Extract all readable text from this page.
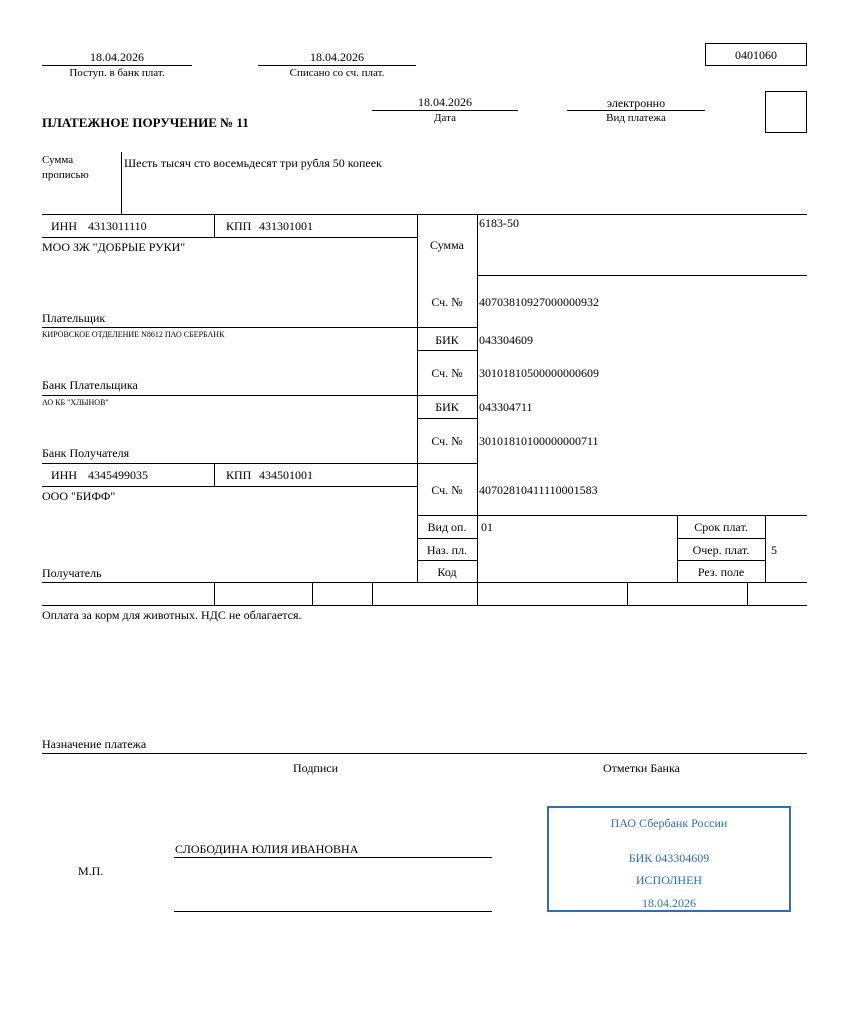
18.04.2026
Поступ. в банк плат.
18.04.2026
Списано со сч. плат.
0401060
ПЛАТЕЖНОЕ ПОРУЧЕНИЕ № 11
18.04.2026
Дата
электронно
Вид платежа
Сумма
прописью
Шесть тысяч сто восемьдесят три рубля 50 копеек
ИНН 4313011110	КПП 431301001
МОО ЗЖ "ДОБРЫЕ РУКИ"
Плательщик
КИРОВСКОЕ ОТДЕЛЕНИЕ N8612 ПАО СБЕРБАНК
Банк Плательщика
АО КБ "ХЛЫНОВ"
Банк Получателя
ИНН 4345499035	КПП 434501001
ООО "БИФФ"
Получатель
Сумма
6183-50
Сч. №	40703810927000000932
БИК	043304609
Сч. №	30101810500000000609
БИК	043304711
Сч. №	30101810100000000711
Сч. №	40702810411110001583
Вид оп.	01
Наз. пл.
Код
Срок плат.
Очер. плат.	5
Рез. поле
Оплата за корм для животных. НДС не облагается.
Назначение платежа
Подписи	Отметки Банка
М.П.
СЛОБОДИНА ЮЛИЯ ИВАНОВНА
ПАО Сбербанк России
БИК 043304609
ИСПОЛНЕН
18.04.2026
